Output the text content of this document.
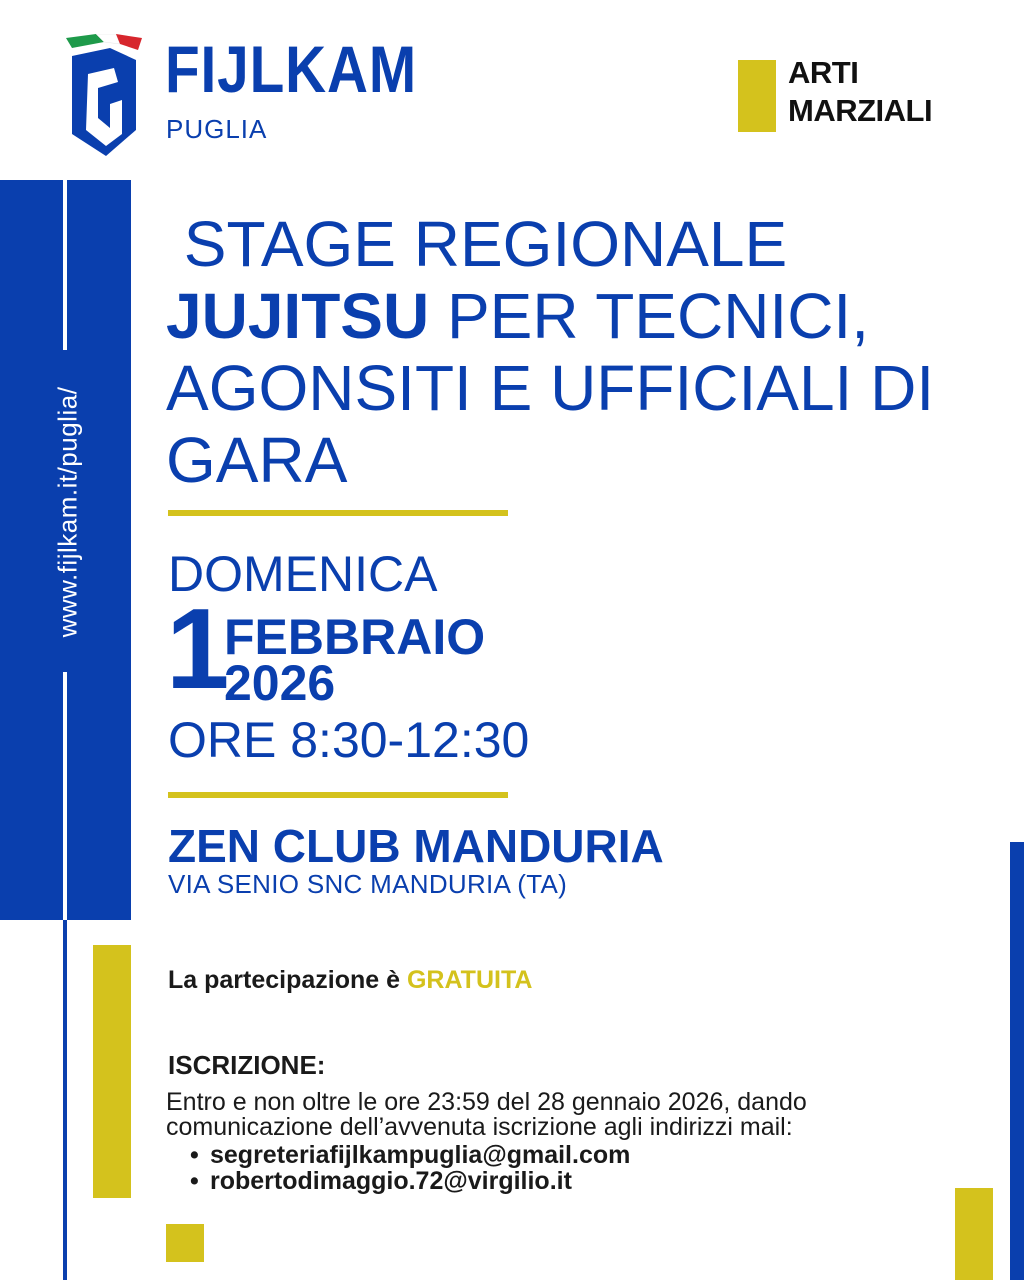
FIJLKAM
PUGLIA
ARTI
MARZIALI
www.fijlkam.it/puglia/
STAGE REGIONALE
JUJITSU PER TECNICI,
AGONSITI E UFFICIALI DI
GARA
DOMENICA
1
FEBBRAIO
2026
ORE 8:30-12:30
ZEN CLUB MANDURIA
VIA SENIO SNC MANDURIA (TA)
La partecipazione è GRATUITA
ISCRIZIONE:
Entro e non oltre le ore 23:59 del 28 gennaio 2026, dando comunicazione dell’avvenuta iscrizione agli indirizzi mail:
• segreteriafijlkampuglia@gmail.com
• robertodimaggio.72@virgilio.it
